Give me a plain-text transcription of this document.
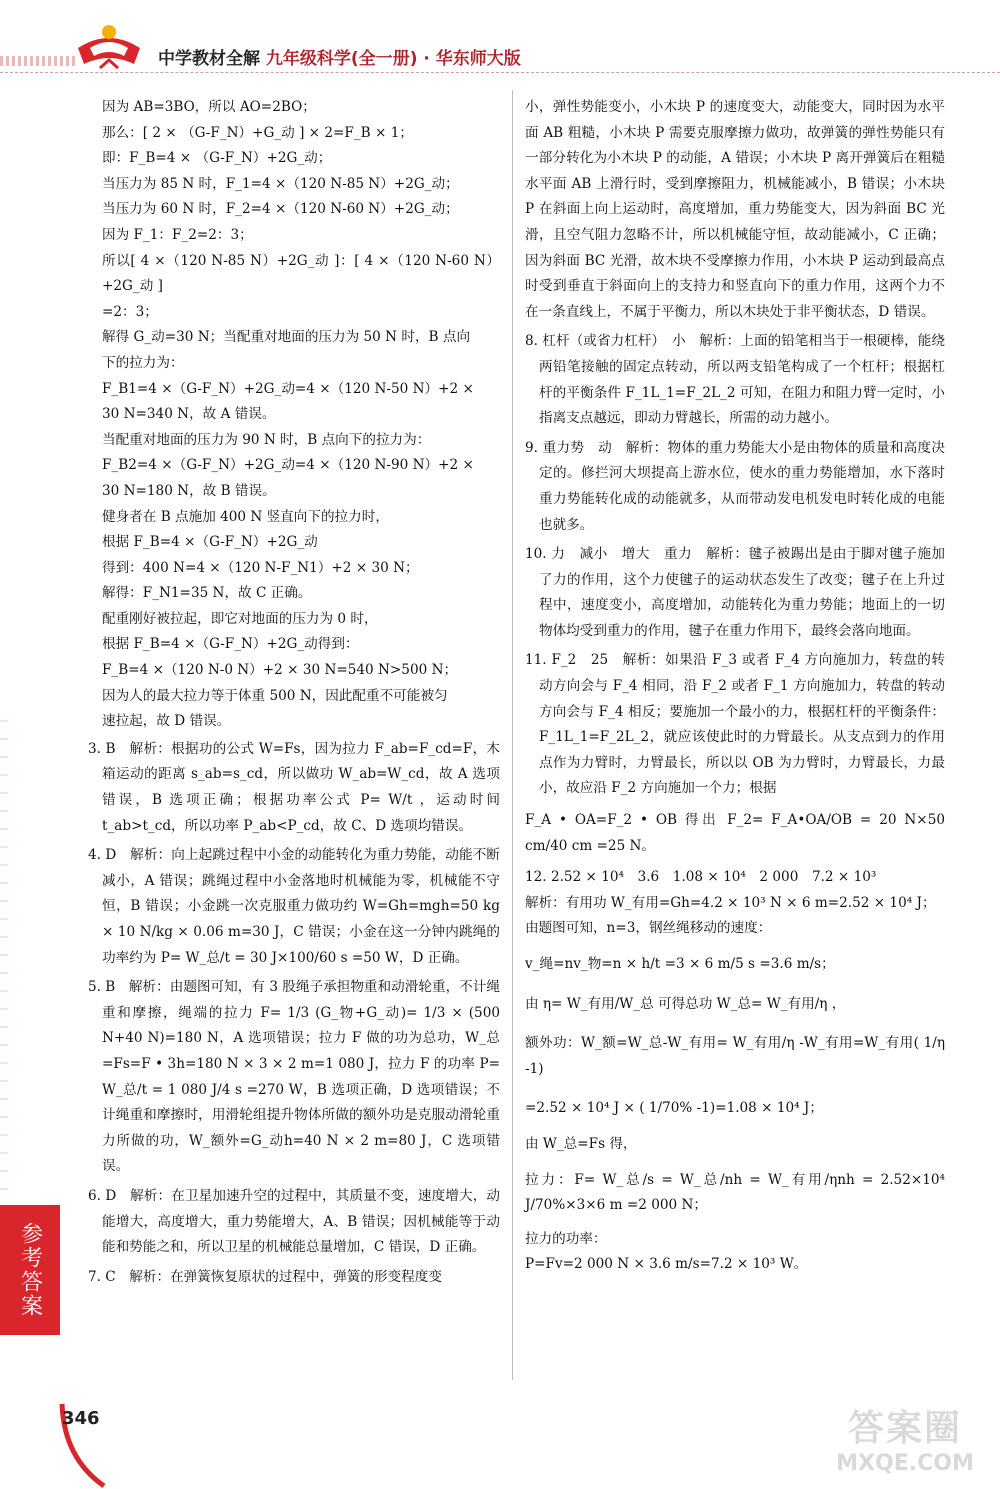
中学教材全解 九年级科学(全一册) · 华东师大版

因为 AB=3BO，所以 AO=2BO；

那么：[ 2 × （G-F_N）+G_动 ] × 2=F_B × 1；

即：F_B=4 × （G-F_N）+2G_动；

当压力为 85 N 时，F_1=4 ×（120 N-85 N）+2G_动；

当压力为 60 N 时，F_2=4 ×（120 N-60 N）+2G_动；

因为 F_1：F_2=2：3；

所以[ 4 ×（120 N-85 N）+2G_动 ]：[ 4 ×（120 N-60 N）+2G_动 ]

=2：3；

解得 G_动=30 N；当配重对地面的压力为 50 N 时，B 点向

下的拉力为：

F_B1=4 ×（G-F_N）+2G_动=4 ×（120 N-50 N）+2 ×

30 N=340 N，故 A 错误。

当配重对地面的压力为 90 N 时，B 点向下的拉力为：

F_B2=4 ×（G-F_N）+2G_动=4 ×（120 N-90 N）+2 ×

30 N=180 N，故 B 错误。

健身者在 B 点施加 400 N 竖直向下的拉力时，

根据 F_B=4 ×（G-F_N）+2G_动

得到：400 N=4 ×（120 N-F_N1）+2 × 30 N；

解得：F_N1=35 N，故 C 正确。

配重刚好被拉起，即它对地面的压力为 0 时，

根据 F_B=4 ×（G-F_N）+2G_动得到：

F_B=4 ×（120 N-0 N）+2 × 30 N=540 N>500 N；

因为人的最大拉力等于体重 500 N，因此配重不可能被匀

速拉起，故 D 错误。

3. B　解析：根据功的公式 W=Fs，因为拉力 F_ab=F_cd=F，木箱运动的距离 s_ab=s_cd，所以做功 W_ab=W_cd，故 A 选项错误，B 选项正确；根据功率公式 P= W/t ，运动时间 t_ab>t_cd，所以功率 P_ab<P_cd，故 C、D 选项均错误。

4. D　解析：向上起跳过程中小金的动能转化为重力势能，动能不断减小，A 错误；跳绳过程中小金落地时机械能为零，机械能不守恒，B 错误；小金跳一次克服重力做功约 W=Gh=mgh=50 kg × 10 N/kg × 0.06 m=30 J，C 错误；小金在这一分钟内跳绳的功率约为 P= W_总/t = 30 J×100/60 s =50 W，D 正确。

5. B　解析：由题图可知，有 3 股绳子承担物重和动滑轮重，不计绳重和摩擦，绳端的拉力 F= 1/3 (G_物+G_动)= 1/3 × (500 N+40 N)=180 N，A 选项错误；拉力 F 做的功为总功，W_总=Fs=F • 3h=180 N × 3 × 2 m=1 080 J，拉力 F 的功率 P= W_总/t = 1 080 J/4 s =270 W，B 选项正确，D 选项错误；不计绳重和摩擦时，用滑轮组提升物体所做的额外功是克服动滑轮重力所做的功，W_额外=G_动h=40 N × 2 m=80 J，C 选项错误。

6. D　解析：在卫星加速升空的过程中，其质量不变，速度增大，动能增大，高度增大，重力势能增大，A、B 错误；因机械能等于动能和势能之和，所以卫星的机械能总量增加，C 错误，D 正确。

7. C　解析：在弹簧恢复原状的过程中，弹簧的形变程度变

小，弹性势能变小，小木块 P 的速度变大，动能变大，同时因为水平面 AB 粗糙，小木块 P 需要克服摩擦力做功，故弹簧的弹性势能只有一部分转化为小木块 P 的动能，A 错误；小木块 P 离开弹簧后在粗糙水平面 AB 上滑行时，受到摩擦阻力，机械能减小，B 错误；小木块 P 在斜面上向上运动时，高度增加，重力势能变大，因为斜面 BC 光滑，且空气阻力忽略不计，所以机械能守恒，故动能减小，C 正确；因为斜面 BC 光滑，故木块不受摩擦力作用，小木块 P 运动到最高点时受到垂直于斜面向上的支持力和竖直向下的重力作用，这两个力不在一条直线上，不属于平衡力，所以木块处于非平衡状态，D 错误。

8. 杠杆（或省力杠杆）　小　解析：上面的铅笔相当于一根硬棒，能绕两铅笔接触的固定点转动，所以两支铅笔构成了一个杠杆；根据杠杆的平衡条件 F_1L_1=F_2L_2 可知，在阻力和阻力臂一定时，小指离支点越远，即动力臂越长，所需的动力越小。

9. 重力势　动　解析：物体的重力势能大小是由物体的质量和高度决定的。修拦河大坝提高上游水位，使水的重力势能增加，水下落时重力势能转化成的动能就多，从而带动发电机发电时转化成的电能也就多。

10. 力　减小　增大　重力　解析：毽子被踢出是由于脚对毽子施加了力的作用，这个力使毽子的运动状态发生了改变；毽子在上升过程中，速度变小，高度增加，动能转化为重力势能；地面上的一切物体均受到重力的作用，毽子在重力作用下，最终会落向地面。

11. F_2　25　解析：如果沿 F_3 或者 F_4 方向施加力，转盘的转动方向会与 F_4 相同，沿 F_2 或者 F_1 方向施加力，转盘的转动方向会与 F_4 相反；要施加一个最小的力，根据杠杆的平衡条件：F_1L_1=F_2L_2，就应该使此时的力臂最长。从支点到力的作用点作为力臂时，力臂最长，所以以 OB 为力臂时，力臂最长，力最小，故应沿 F_2 方向施加一个力；根据

F_A • OA=F_2 • OB 得出 F_2= F_A•OA/OB = 20 N×50 cm/40 cm =25 N。

12. 2.52 × 10⁴　3.6　1.08 × 10⁴　2 000　7.2 × 10³

解析：有用功 W_有用=Gh=4.2 × 10³ N × 6 m=2.52 × 10⁴ J；

由题图可知，n=3，钢丝绳移动的速度：

v_绳=nv_物=n × h/t =3 × 6 m/5 s =3.6 m/s；

由 η= W_有用/W_总 可得总功 W_总= W_有用/η ，

额外功：W_额=W_总-W_有用= W_有用/η -W_有用=W_有用( 1/η -1)

=2.52 × 10⁴ J × ( 1/70% -1)=1.08 × 10⁴ J；

由 W_总=Fs 得，

拉力：F= W_总/s = W_总/nh = W_有用/ηnh = 2.52×10⁴ J/70%×3×6 m =2 000 N；

拉力的功率：

P=Fv=2 000 N × 3.6 m/s=7.2 × 10³ W。

参考答案
346	答案圈
MXQE.COM
